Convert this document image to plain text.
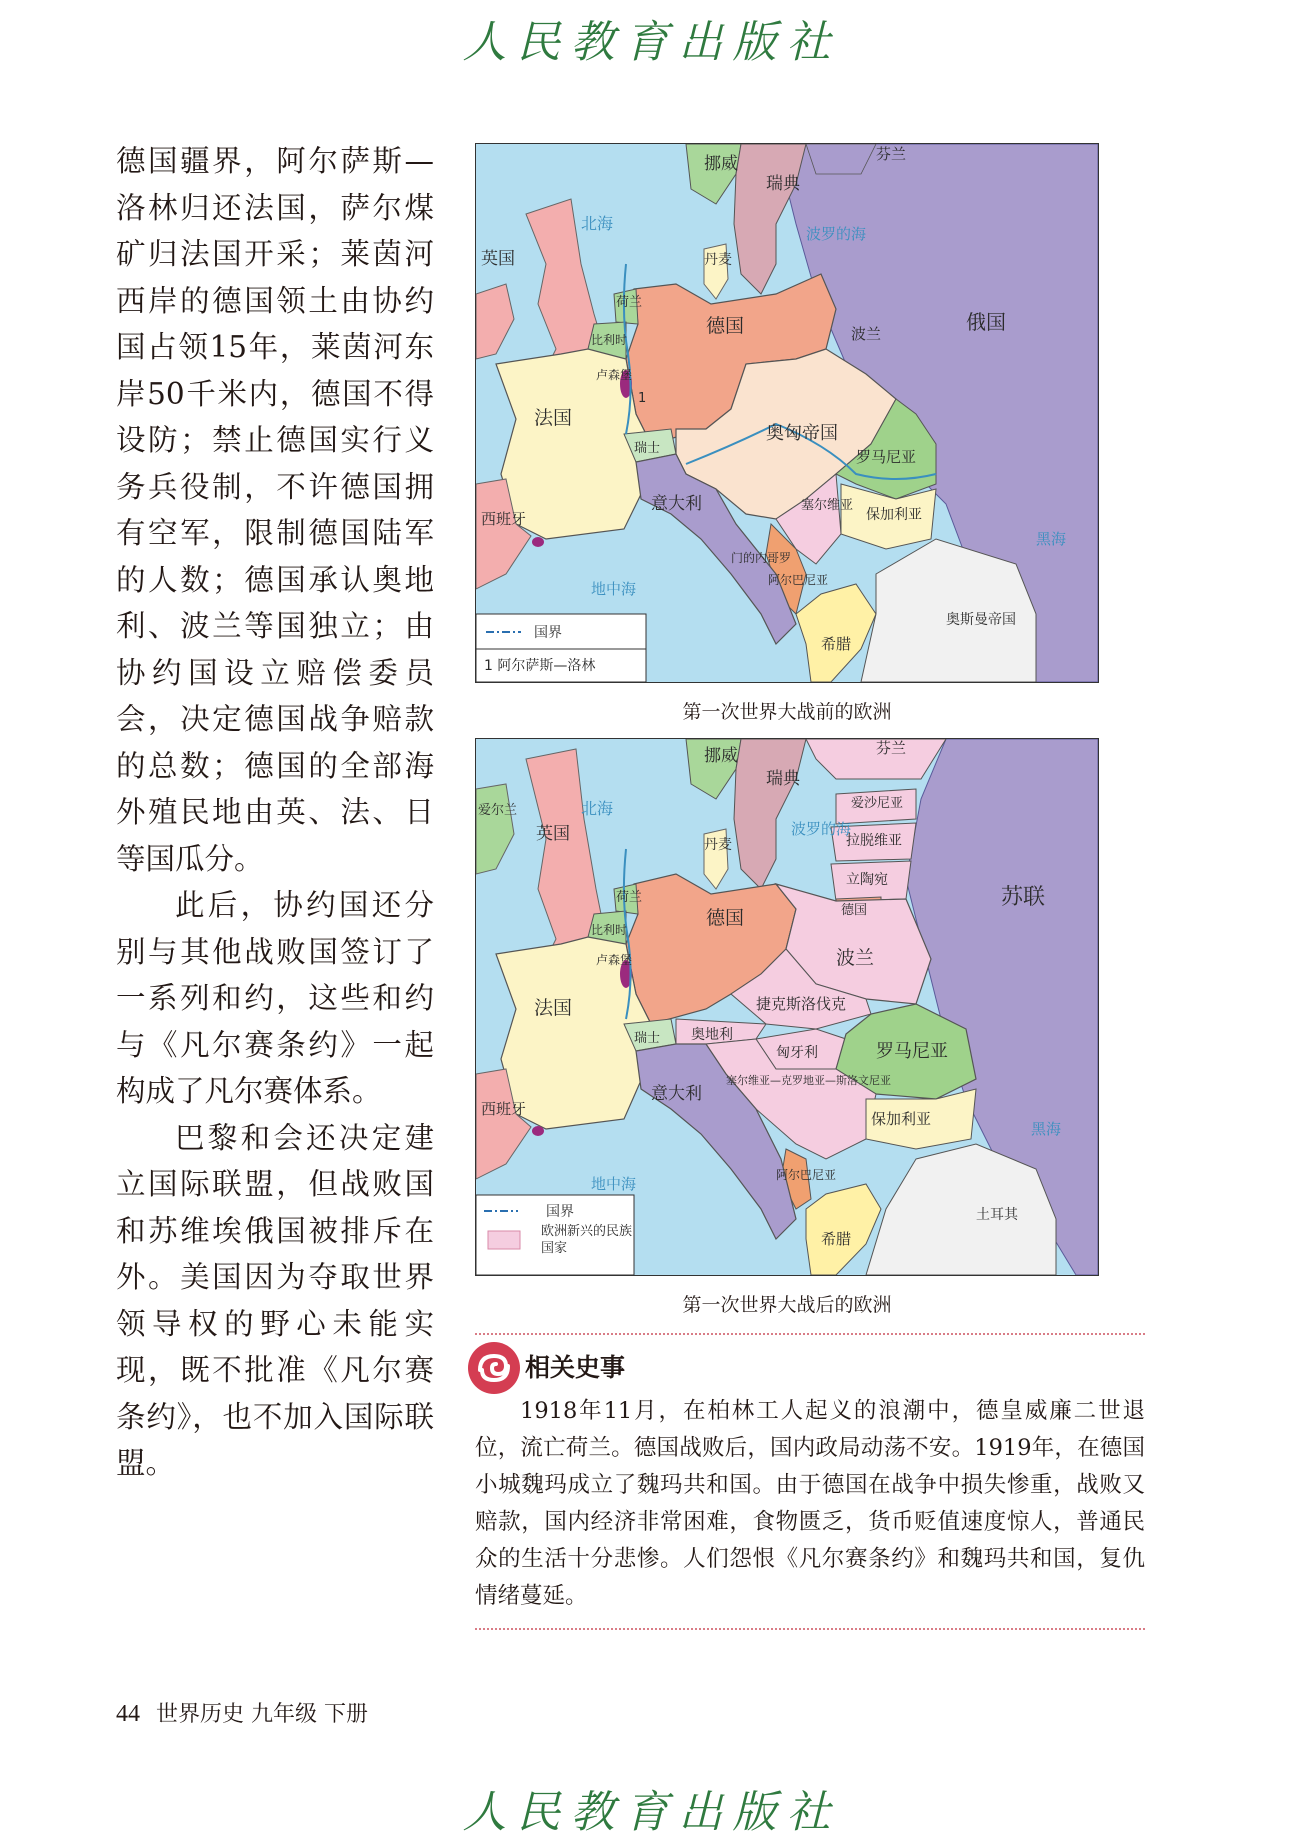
人民教育出版社

德国疆界，阿尔萨斯—洛林归还法国，萨尔煤矿归法国开采；莱茵河西岸的德国领土由协约国占领15年，莱茵河东岸50千米内，德国不得设防；禁止德国实行义务兵役制，不许德国拥有空军，限制德国陆军的人数；德国承认奥地利、波兰等国独立；由协约国设立赔偿委员会，决定德国战争赔款的总数；德国的全部海外殖民地由英、法、日等国瓜分。

此后，协约国还分别与其他战败国签订了一系列和约，这些和约与《凡尔赛条约》一起构成了凡尔赛体系。

巴黎和会还决定建立国际联盟，但战败国和苏维埃俄国被排斥在外。美国因为夺取世界领导权的野心未能实现，既不批准《凡尔赛条约》，也不加入国际联盟。

挪威
瑞典
芬兰
英国	丹麦
荷兰
比利时
卢森堡
1
德国	波兰	俄国
法国
瑞士
奥匈帝国
罗马尼亚
塞尔维亚
保加利亚
门的内哥罗
阿尔巴尼亚
西班牙
意大利
希腊
奥斯曼帝国
北海
波罗的海
黑海
地中海
国界
1 阿尔萨斯—洛林
第一次世界大战前的欧洲
挪威
瑞典
芬兰
爱沙尼亚
拉脱维亚
立陶宛
爱尔兰
英国
丹麦
荷兰
比利时
卢森堡
德国	德国
波兰
苏联
捷克斯洛伐克
奥地利
匈牙利	罗马尼亚
法国
瑞士
塞尔维亚—克罗地亚—斯洛文尼亚
保加利亚
阿尔巴尼亚
西班牙
意大利
希腊
土耳其
北海
波罗的海
黑海
地中海
国界
欧洲新兴的民族国家
第一次世界大战后的欧洲
相关史事

1918年11月，在柏林工人起义的浪潮中，德皇威廉二世退位，流亡荷兰。德国战败后，国内政局动荡不安。1919年，在德国小城魏玛成立了魏玛共和国。由于德国在战争中损失惨重，战败又赔款，国内经济非常困难，食物匮乏，货币贬值速度惊人，普通民众的生活十分悲惨。人们怨恨《凡尔赛条约》和魏玛共和国，复仇情绪蔓延。

44 世界历史 九年级 下册
人民教育出版社
